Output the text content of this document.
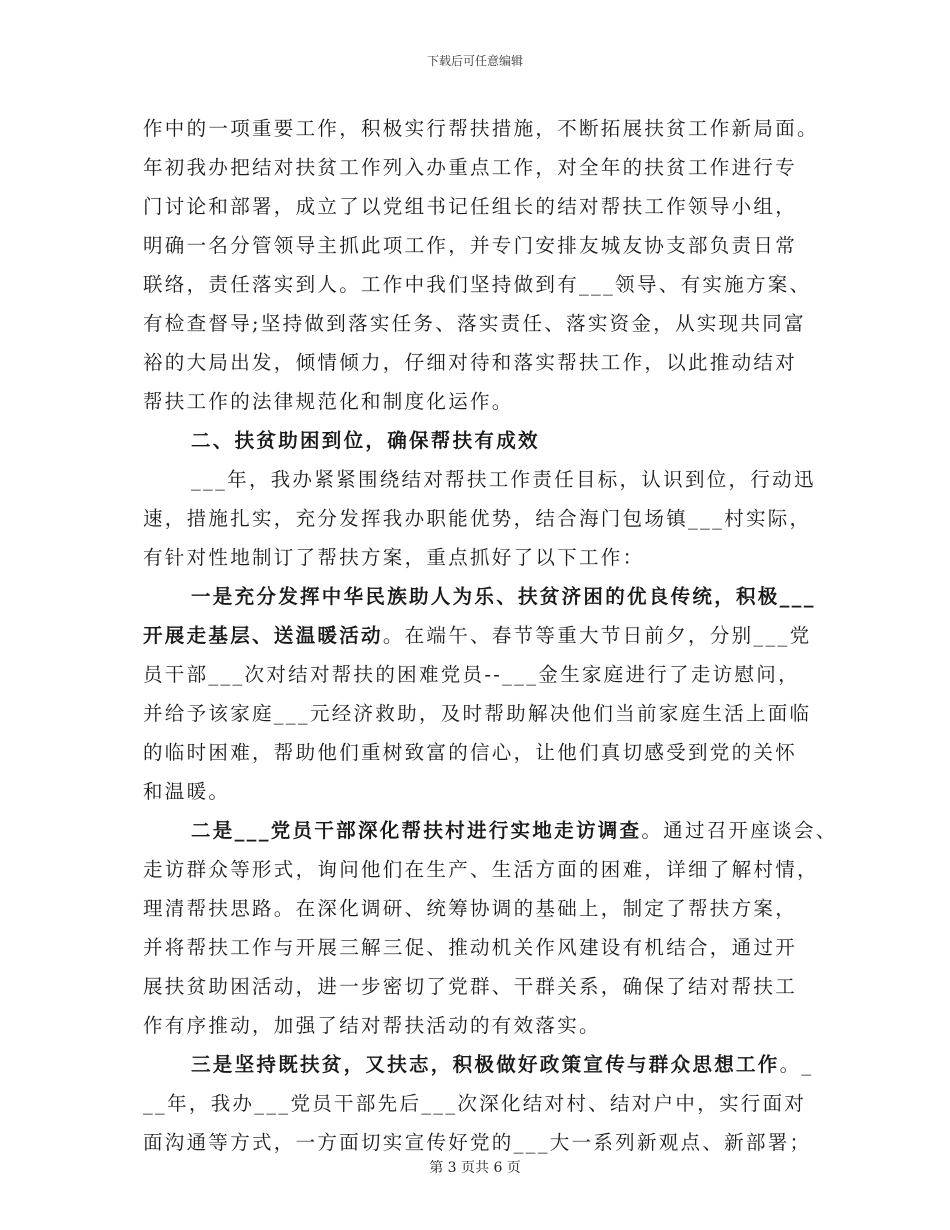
下载后可任意编辑
作中的一项重要工作，积极实行帮扶措施，不断拓展扶贫工作新局面。
年初我办把结对扶贫工作列入办重点工作，对全年的扶贫工作进行专
门讨论和部署，成立了以党组书记任组长的结对帮扶工作领导小组，
明确一名分管领导主抓此项工作，并专门安排友城友协支部负责日常
联络，责任落实到人。工作中我们坚持做到有___领导、有实施方案、
有检查督导;坚持做到落实任务、落实责任、落实资金，从实现共同富
裕的大局出发，倾情倾力，仔细对待和落实帮扶工作，以此推动结对
帮扶工作的法律规范化和制度化运作。
二、扶贫助困到位，确保帮扶有成效
___年，我办紧紧围绕结对帮扶工作责任目标，认识到位，行动迅
速，措施扎实，充分发挥我办职能优势，结合海门包场镇___村实际，
有针对性地制订了帮扶方案，重点抓好了以下工作：
一是充分发挥中华民族助人为乐、扶贫济困的优良传统，积极___
开展走基层、送温暖活动。在端午、春节等重大节日前夕，分别___党
员干部___次对结对帮扶的困难党员--___金生家庭进行了走访慰问，
并给予该家庭___元经济救助，及时帮助解决他们当前家庭生活上面临
的临时困难，帮助他们重树致富的信心，让他们真切感受到党的关怀
和温暖。
二是___党员干部深化帮扶村进行实地走访调查。通过召开座谈会、
走访群众等形式，询问他们在生产、生活方面的困难，详细了解村情，
理清帮扶思路。在深化调研、统筹协调的基础上，制定了帮扶方案，
并将帮扶工作与开展三解三促、推动机关作风建设有机结合，通过开
展扶贫助困活动，进一步密切了党群、干群关系，确保了结对帮扶工
作有序推动，加强了结对帮扶活动的有效落实。
三是坚持既扶贫，又扶志，积极做好政策宣传与群众思想工作。_
__年，我办___党员干部先后___次深化结对村、结对户中，实行面对
面沟通等方式，一方面切实宣传好党的___大一系列新观点、新部署；
第 3 页共 6 页
